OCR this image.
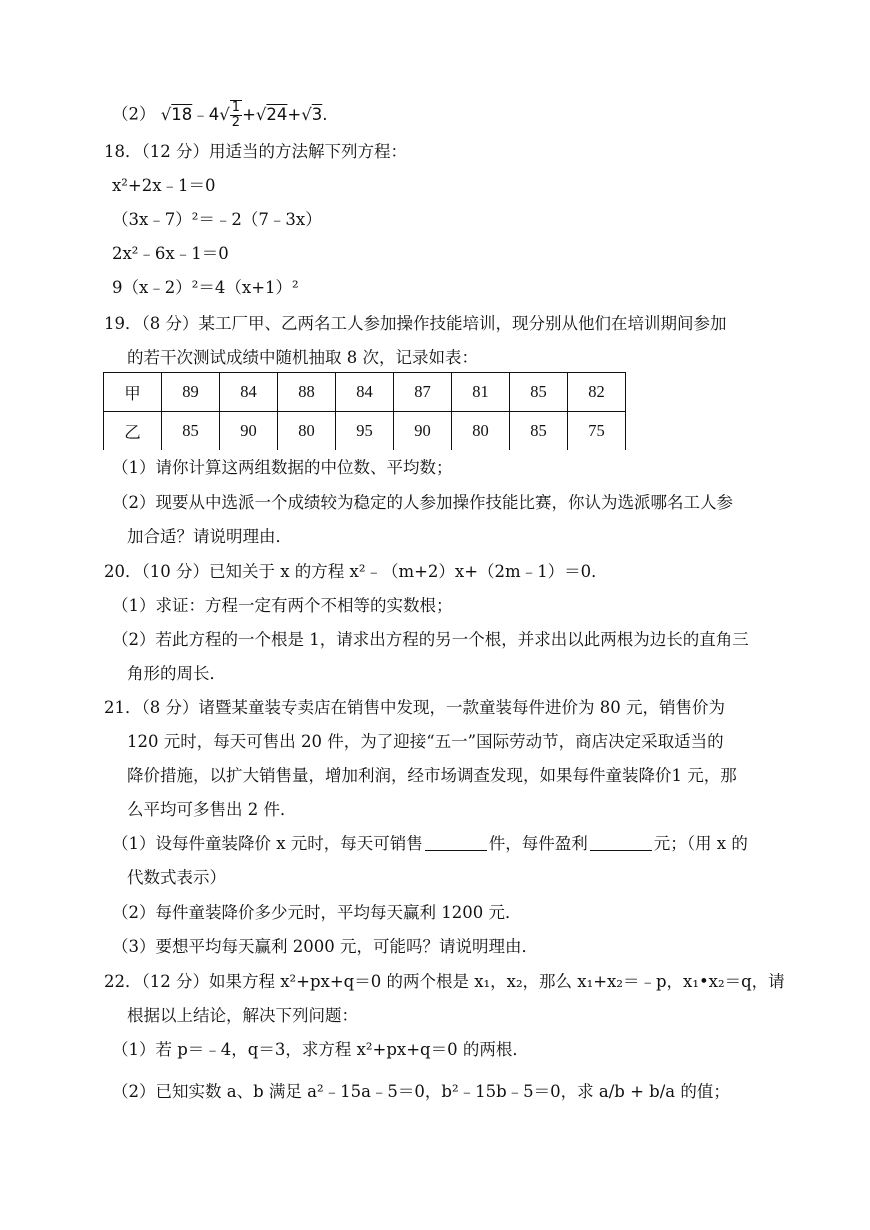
（2） √18﹣4√ $\frac{1}{2} +√24+√3$.
18．（12 分）用适当的方法解下列方程：
x²+2x﹣1＝0
（3x﹣7）²＝﹣2（7﹣3x）
2x²﹣6x﹣1＝0
9（x﹣2）²＝4（x+1）²
19．（8 分）某工厂甲、乙两名工人参加操作技能培训，现分别从他们在培训期间参加
的若干次测试成绩中随机抽取 8 次，记录如表：
甲	89	84	88	84	87	81	85	82
乙	85	90	80	95	90	80	85	75
（1）请你计算这两组数据的中位数、平均数；
（2）现要从中选派一个成绩较为稳定的人参加操作技能比赛，你认为选派哪名工人参
加合适？请说明理由．
20．（10 分）已知关于 x 的方程 x²﹣（m+2）x+（2m﹣1）＝0．
（1）求证：方程一定有两个不相等的实数根；
（2）若此方程的一个根是 1，请求出方程的另一个根，并求出以此两根为边长的直角三
角形的周长．
21．（8 分）诸暨某童装专卖店在销售中发现，一款童装每件进价为 80 元，销售价为
120 元时，每天可售出 20 件，为了迎接“五一”国际劳动节，商店决定采取适当的
降价措施，以扩大销售量，增加利润，经市场调查发现，如果每件童装降价1 元，那
么平均可多售出 2 件．
（1）设每件童装降价 x 元时，每天可销售	件，每件盈利	元；（用 x 的
代数式表示）
（2）每件童装降价多少元时，平均每天赢利 1200 元．
（3）要想平均每天赢利 2000 元，可能吗？请说明理由．
22．（12 分）如果方程 x²+px+q＝0 的两个根是 x₁，x₂，那么 x₁+x₂＝﹣p，x₁•x₂＝q，请
根据以上结论，解决下列问题：
（1）若 p＝﹣4，q＝3，求方程 x²+px+q＝0 的两根．
（2）已知实数 a、b 满足 a²﹣15a﹣5＝0，b²﹣15b﹣5＝0，求 a/b + b/a 的值；
